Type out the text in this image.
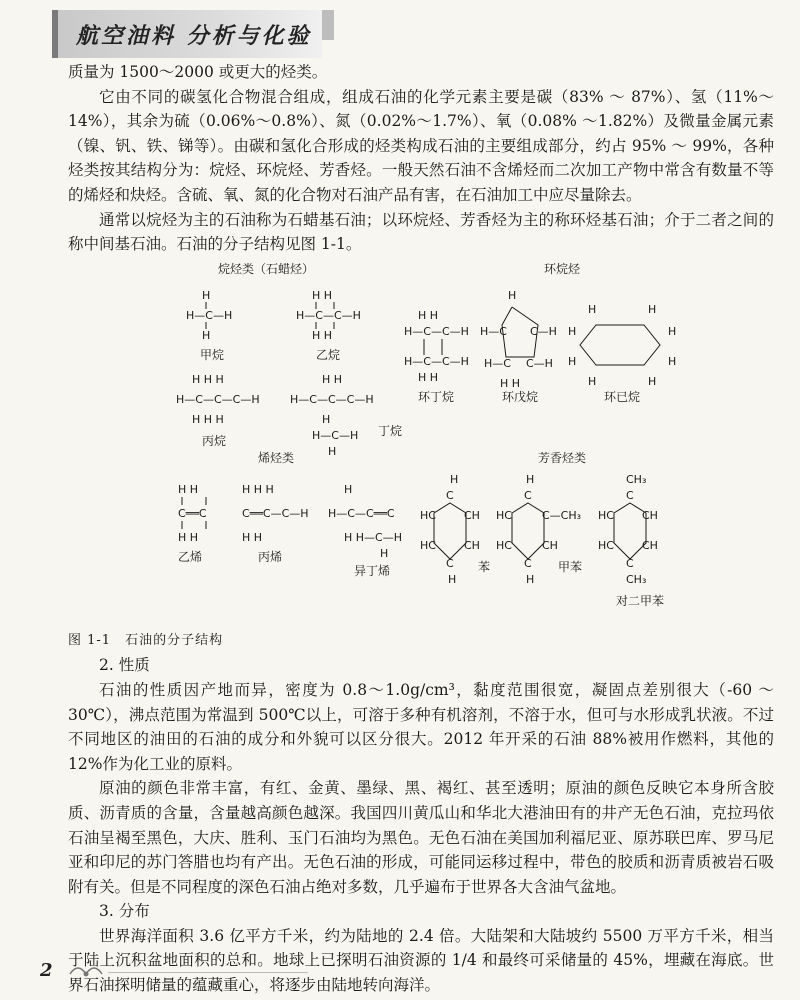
航空油料 分析与化验

质量为 1500～2000 或更大的烃类。

它由不同的碳氢化合物混合组成，组成石油的化学元素主要是碳（83% ～ 87%）、氢（11%～14%），其余为硫（0.06%～0.8%）、氮（0.02%～1.7%）、氧（0.08% ～1.82%）及微量金属元素（镍、钒、铁、锑等）。由碳和氢化合形成的烃类构成石油的主要组成部分，约占 95% ～ 99%，各种烃类按其结构分为：烷烃、环烷烃、芳香烃。一般天然石油不含烯烃而二次加工产物中常含有数量不等的烯烃和炔烃。含硫、氧、氮的化合物对石油产品有害，在石油加工中应尽量除去。

通常以烷烃为主的石油称为石蜡基石油；以环烷烃、芳香烃为主的称环烃基石油；介于二者之间的称中间基石油。石油的分子结构见图 1-1。

烷烃类（石蜡烃）	环烷烃
烯烃类	芳香烃类
H
H—C—H
H
甲烷
H H
H—C—C—H
H H
乙烷
H H H
H—C—C—C—H
H H H
丙烷
H H
H—C—C—C—H
H
H—C—H
H
丁烷
H—C—C—H
H—C—C—H
H H
H H
环丁烷
H
H—C C—H
H—C C—H
H H
环戊烷
H	H
H	H
H	H
H	H
环已烷
H H
C══C
H H
乙烯
H H H
C══C—C—H
H H
丙烯
H
H—C—C══C
H H—C—H
H
异丁烯
H
C
HC	CH
HC	CH
C
H
苯
H
C
HC	C—CH₃
HC	CH
C
H
甲苯
CH₃
C
HC	CH
HC	CH
C
CH₃
对二甲苯

图 1-1　石油的分子结构

2. 性质

石油的性质因产地而异，密度为 0.8～1.0g/cm³，黏度范围很宽，凝固点差别很大（-60 ～30℃），沸点范围为常温到 500℃以上，可溶于多种有机溶剂，不溶于水，但可与水形成乳状液。不过不同地区的油田的石油的成分和外貌可以区分很大。2012 年开采的石油 88%被用作燃料，其他的 12%作为化工业的原料。

原油的颜色非常丰富，有红、金黄、墨绿、黑、褐红、甚至透明；原油的颜色反映它本身所含胶质、沥青质的含量，含量越高颜色越深。我国四川黄瓜山和华北大港油田有的井产无色石油，克拉玛依石油呈褐至黑色，大庆、胜利、玉门石油均为黑色。无色石油在美国加利福尼亚、原苏联巴库、罗马尼亚和印尼的苏门答腊也均有产出。无色石油的形成，可能同运移过程中，带色的胶质和沥青质被岩石吸附有关。但是不同程度的深色石油占绝对多数，几乎遍布于世界各大含油气盆地。

3. 分布

世界海洋面积 3.6 亿平方千米，约为陆地的 2.4 倍。大陆架和大陆坡约 5500 万平方千米，相当于陆上沉积盆地面积的总和。地球上已探明石油资源的 1/4 和最终可采储量的 45%，埋藏在海底。世界石油探明储量的蕴藏重心，将逐步由陆地转向海洋。

2
